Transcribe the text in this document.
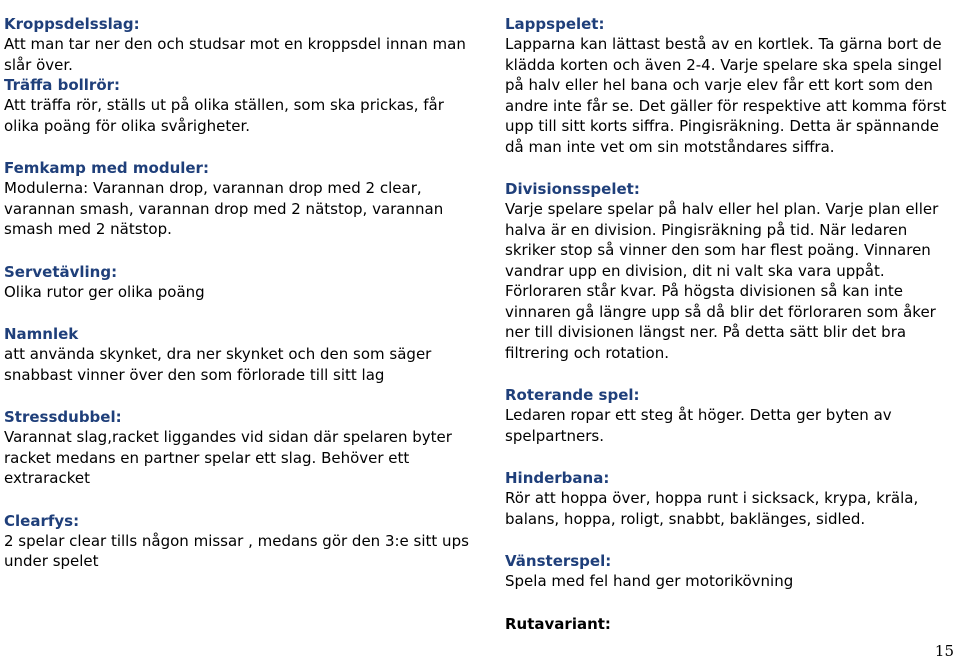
Kroppsdelsslag:

Att man tar ner den och studsar mot en kroppsdel innan man slår över.

Träffa bollrör:

Att träffa rör, ställs ut på olika ställen, som ska prickas, får olika poäng för olika svårigheter.

Femkamp med moduler:

Modulerna: Varannan drop, varannan drop med 2 clear, varannan smash, varannan drop med 2 nätstop, varannan smash med 2 nätstop.

Servetävling:

Olika rutor ger olika poäng

Namnlek

att använda skynket, dra ner skynket och den som säger snabbast vinner över den som förlorade till sitt lag

Stressdubbel:

Varannat slag,racket liggandes vid sidan där spelaren byter racket medans en partner spelar ett slag. Behöver ett extraracket

Clearfys:

2 spelar clear tills någon missar , medans gör den 3:e sitt ups under spelet

Lappspelet:

Lapparna kan lättast bestå av en kortlek. Ta gärna bort de klädda korten och även 2-4. Varje spelare ska spela singel på halv eller hel bana och varje elev får ett kort som den andre inte får se. Det gäller för respektive att komma först upp till sitt korts siffra. Pingisräkning. Detta är spännande då man inte vet om sin motståndares siffra.

Divisionsspelet:

Varje spelare spelar på halv eller hel plan. Varje plan eller halva är en division. Pingisräkning på tid. När ledaren skriker stop så vinner den som har flest poäng. Vinnaren vandrar upp en division, dit ni valt ska vara uppåt. Förloraren står kvar. På högsta divisionen så kan inte vinnaren gå längre upp så då blir det förloraren som åker ner till divisionen längst ner. På detta sätt blir det bra filtrering och rotation.

Roterande spel:

Ledaren ropar ett steg åt höger. Detta ger byten av spelpartners.

Hinderbana:

Rör att hoppa över, hoppa runt i sicksack, krypa, kräla, balans, hoppa, roligt, snabbt, baklänges, sidled.

Vänsterspel:

Spela med fel hand ger motorikövning

Rutavariant:

15
